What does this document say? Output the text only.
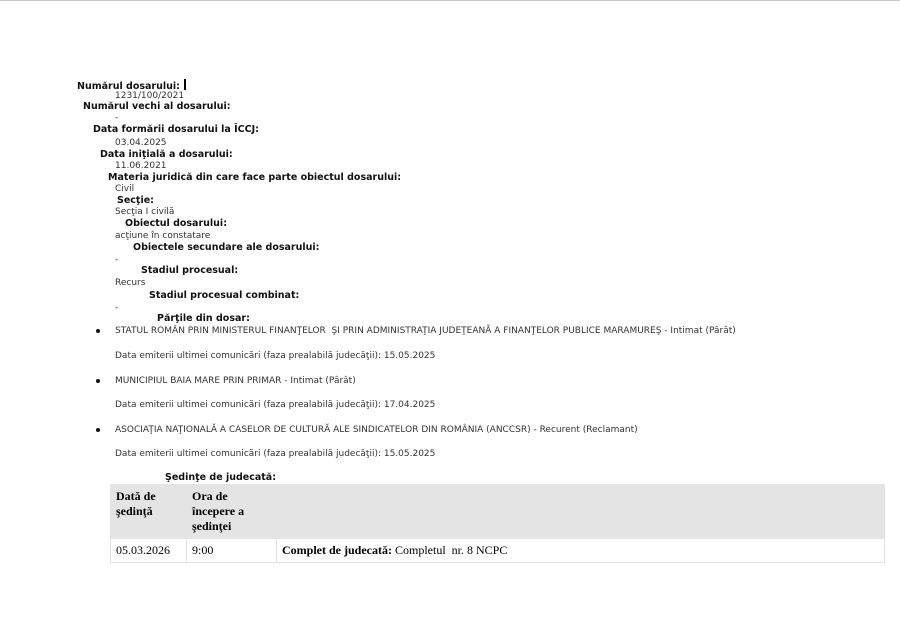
Numărul dosarului:
1231/100/2021
Numărul vechi al dosarului:
-
Data formării dosarului la ÎCCJ:
03.04.2025
Data iniţială a dosarului:
11.06.2021
Materia juridică din care face parte obiectul dosarului:
Civil
Secţie:
Secţia I civilă
Obiectul dosarului:
acţiune în constatare
Obiectele secundare ale dosarului:
-
Stadiul procesual:
Recurs
Stadiul procesual combinat:
-
Părţile din dosar:
STATUL ROMÂN PRIN MINISTERUL FINANŢELOR  ŞI PRIN ADMINISTRAŢIA JUDEŢEANĂ A FINANŢELOR PUBLICE MARAMUREŞ - Intimat (Pârât)
Data emiterii ultimei comunicări (faza prealabilă judecăţii): 15.05.2025
MUNICIPIUL BAIA MARE PRIN PRIMAR - Intimat (Pârât)
Data emiterii ultimei comunicări (faza prealabilă judecăţii): 17.04.2025
ASOCIAŢIA NAŢIONALĂ A CASELOR DE CULTURĂ ALE SINDICATELOR DIN ROMÂNIA (ANCCSR) - Recurent (Reclamant)
Data emiterii ultimei comunicări (faza prealabilă judecăţii): 15.05.2025
Şedinţe de judecată:
Dată de şedinţă	Ora de începere a şedinţei	
05.03.2026	9:00	Complet de judecată: Completul  nr. 8 NCPC
